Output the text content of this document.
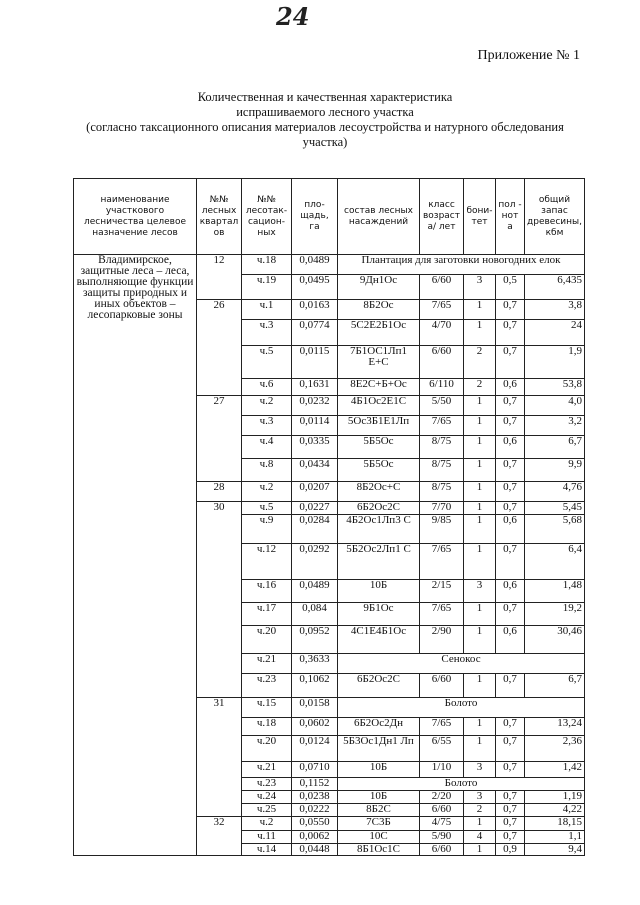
24
Приложение № 1
Количественная и качественная характеристика
испрашиваемого лесного участка
(согласно таксационного описания материалов лесоустройства и натурного обследования
участка)
наименование участкового лесничества целевое назначение лесов	№№ лесных квартал ов	№№ лесотак-сацион-ных	пло-щадь, га	состав лесных насаждений	класс возраст а/ лет	бони-тет	пол - нот а	общий запас древесины, кбм
Владимирское, защитные леса – леса, выполняющие функции защиты природных и иных объектов – лесопарковые зоны	12	ч.18	0,0489	Плантация для заготовки новогодних елок				
		ч.19	0,0495	9Дн1Ос	6/60	3	0,5	6,435
	26	ч.1	0,0163	8Б2Ос	7/65	1	0,7	3,8
		ч.3	0,0774	5С2Е2Б1Ос	4/70	1	0,7	24
		ч.5	0,0115	7Б1ОС1Лп1 Е+С	6/60	2	0,7	1,9
		ч.6	0,1631	8Е2С+Б+Ос	6/110	2	0,6	53,8
	27	ч.2	0,0232	4Б1Ос2Е1С	5/50	1	0,7	4,0
		ч.3	0,0114	5Ос3Б1Е1Лп	7/65	1	0,7	3,2
		ч.4	0,0335	5Б5Ос	8/75	1	0,6	6,7
		ч.8	0,0434	5Б5Ос	8/75	1	0,7	9,9
	28	ч.2	0,0207	8Б2Ос+С	8/75	1	0,7	4,76
	30	ч.5	0,0227	6Б2Ос2С	7/70	1	0,7	5,45
		ч.9	0,0284	4Б2Ос1Лп3 С	9/85	1	0,6	5,68
		ч.12	0,0292	5Б2Ос2Лп1 С	7/65	1	0,7	6,4
		ч.16	0,0489	10Б	2/15	3	0,6	1,48
		ч.17	0,084	9Б1Ос	7/65	1	0,7	19,2
		ч.20	0,0952	4С1Е4Б1Ос	2/90	1	0,6	30,46
		ч.21	0,3633	Сенокос				
		ч.23	0,1062	6Б2Ос2С	6/60	1	0,7	6,7
	31	ч.15	0,0158	Болото				
		ч.18	0,0602	6Б2Ос2Дн	7/65	1	0,7	13,24
		ч.20	0,0124	5Б3Ос1Дн1 Лп	6/55	1	0,7	2,36
		ч.21	0,0710	10Б	1/10	3	0,7	1,42
		ч.23	0,1152	Болото				
		ч.24	0,0238	10Б	2/20	3	0,7	1,19
		ч.25	0,0222	8Б2С	6/60	2	0,7	4,22
	32	ч.2	0,0550	7С3Б	4/75	1	0,7	18,15
		ч.11	0,0062	10С	5/90	4	0,7	1,1
		ч.14	0,0448	8Б1Ос1С	6/60	1	0,9	9,4
